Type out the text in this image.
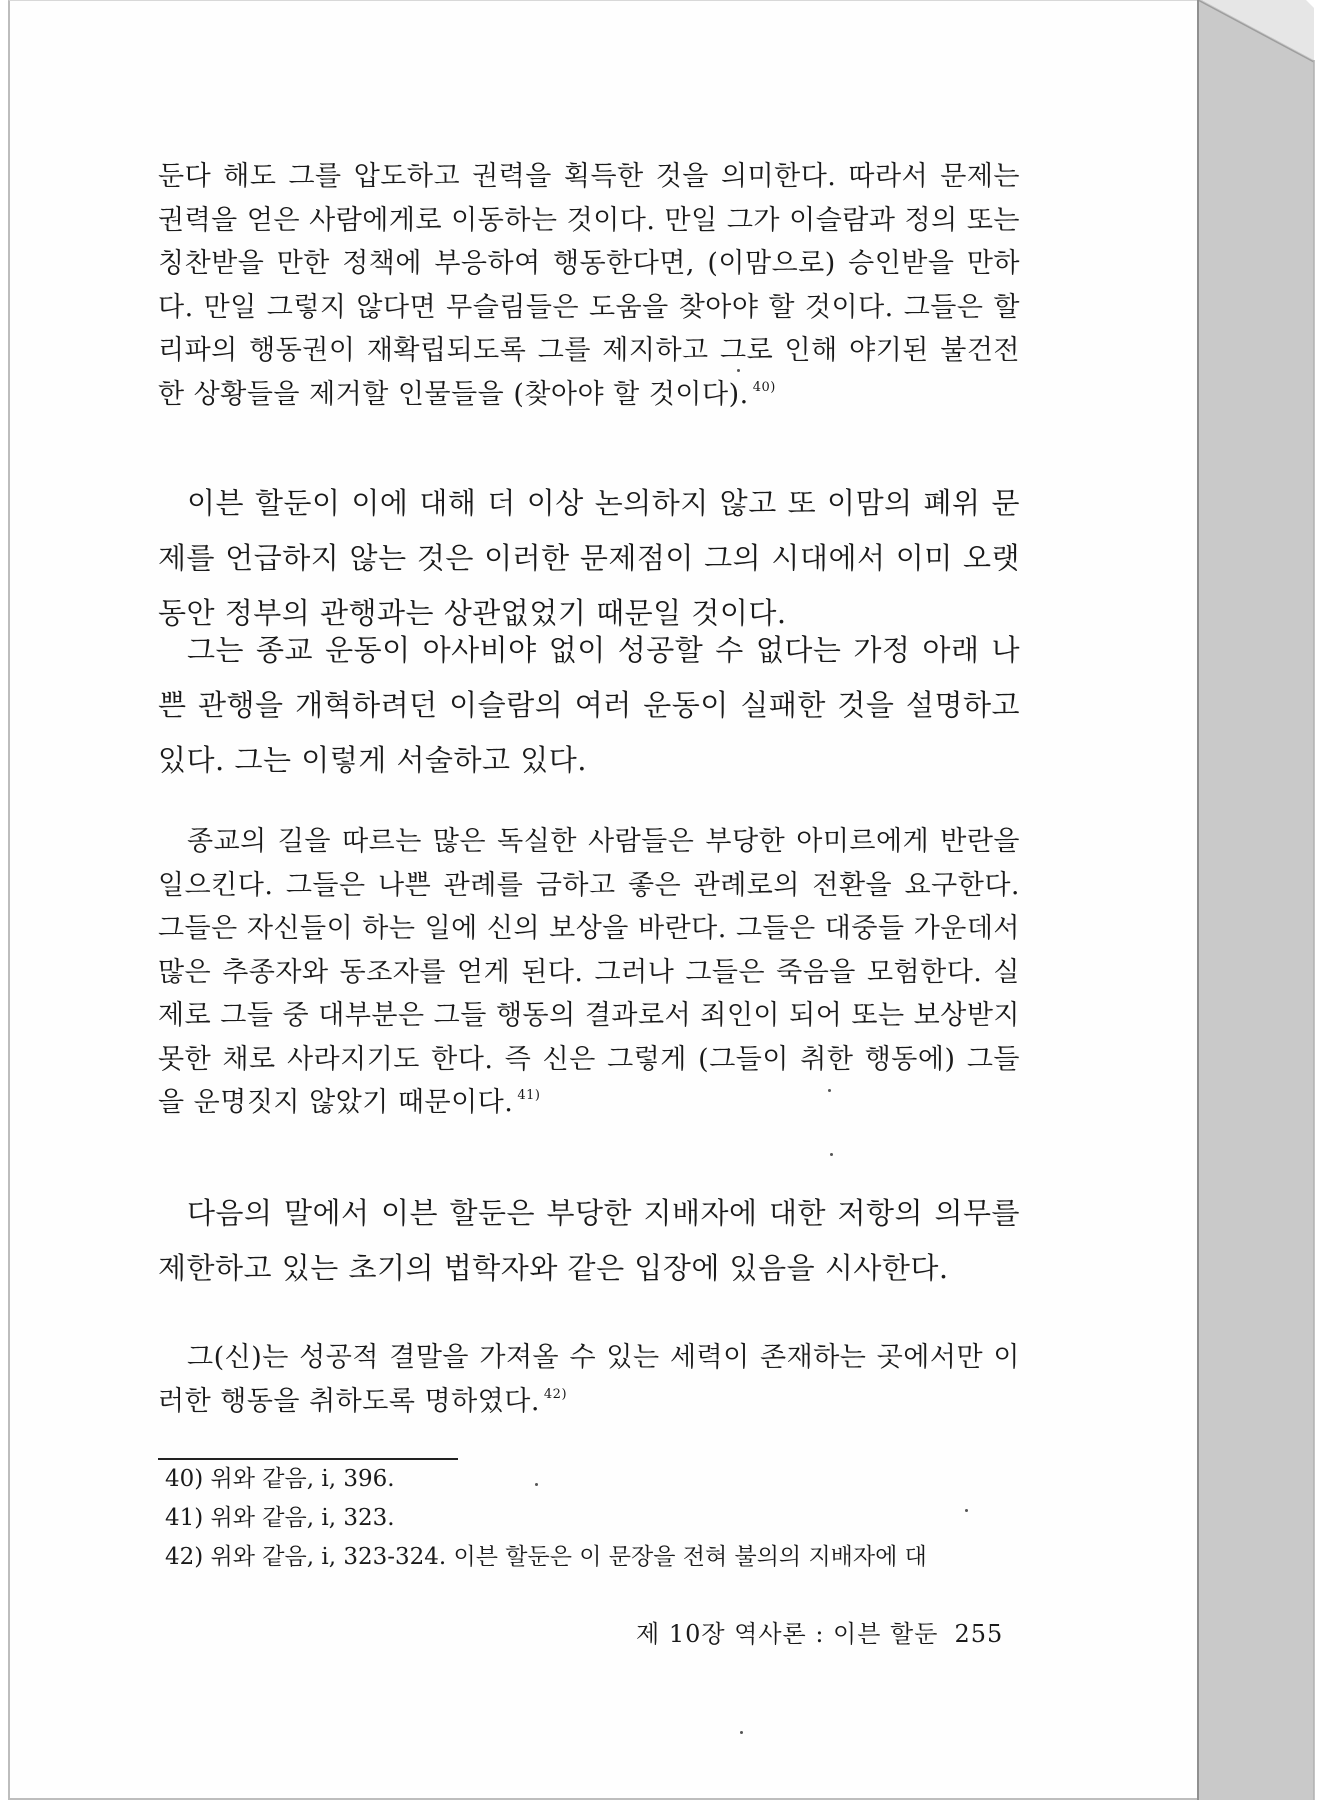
둔다 해도 그를 압도하고 권력을 획득한 것을 의미한다. 따라서 문제는 권력을 얻은 사람에게로 이동하는 것이다. 만일 그가 이슬람과 정의 또는 칭찬받을 만한 정책에 부응하여 행동한다면, (이맘으로) 승인받을 만하다. 만일 그렇지 않다면 무슬림들은 도움을 찾아야 할 것이다. 그들은 할리파의 행동권이 재확립되도록 그를 제지하고 그로 인해 야기된 불건전한 상황들을 제거할 인물들을 (찾아야 할 것이다). $^{40)}$
이븐 할둔이 이에 대해 더 이상 논의하지 않고 또 이맘의 폐위 문제를 언급하지 않는 것은 이러한 문제점이 그의 시대에서 이미 오랫동안 정부의 관행과는 상관없었기 때문일 것이다.
그는 종교 운동이 아사비야 없이 성공할 수 없다는 가정 아래 나쁜 관행을 개혁하려던 이슬람의 여러 운동이 실패한 것을 설명하고 있다. 그는 이렇게 서술하고 있다.
종교의 길을 따르는 많은 독실한 사람들은 부당한 아미르에게 반란을 일으킨다. 그들은 나쁜 관례를 금하고 좋은 관례로의 전환을 요구한다. 그들은 자신들이 하는 일에 신의 보상을 바란다. 그들은 대중들 가운데서 많은 추종자와 동조자를 얻게 된다. 그러나 그들은 죽음을 모험한다. 실제로 그들 중 대부분은 그들 행동의 결과로서 죄인이 되어 또는 보상받지 못한 채로 사라지기도 한다. 즉 신은 그렇게 (그들이 취한 행동에) 그들을 운명짓지 않았기 때문이다. $^{41)}$
다음의 말에서 이븐 할둔은 부당한 지배자에 대한 저항의 의무를 제한하고 있는 초기의 법학자와 같은 입장에 있음을 시사한다.
그(신)는 성공적 결말을 가져올 수 있는 세력이 존재하는 곳에서만 이러한 행동을 취하도록 명하였다. $^{42)}$
40) 위와 같음, i, 396.
41) 위와 같음, i, 323.
42) 위와 같음, i, 323-324. 이븐 할둔은 이 문장을 전혀 불의의 지배자에 대
제 10장 역사론 : 이븐 할둔 255
